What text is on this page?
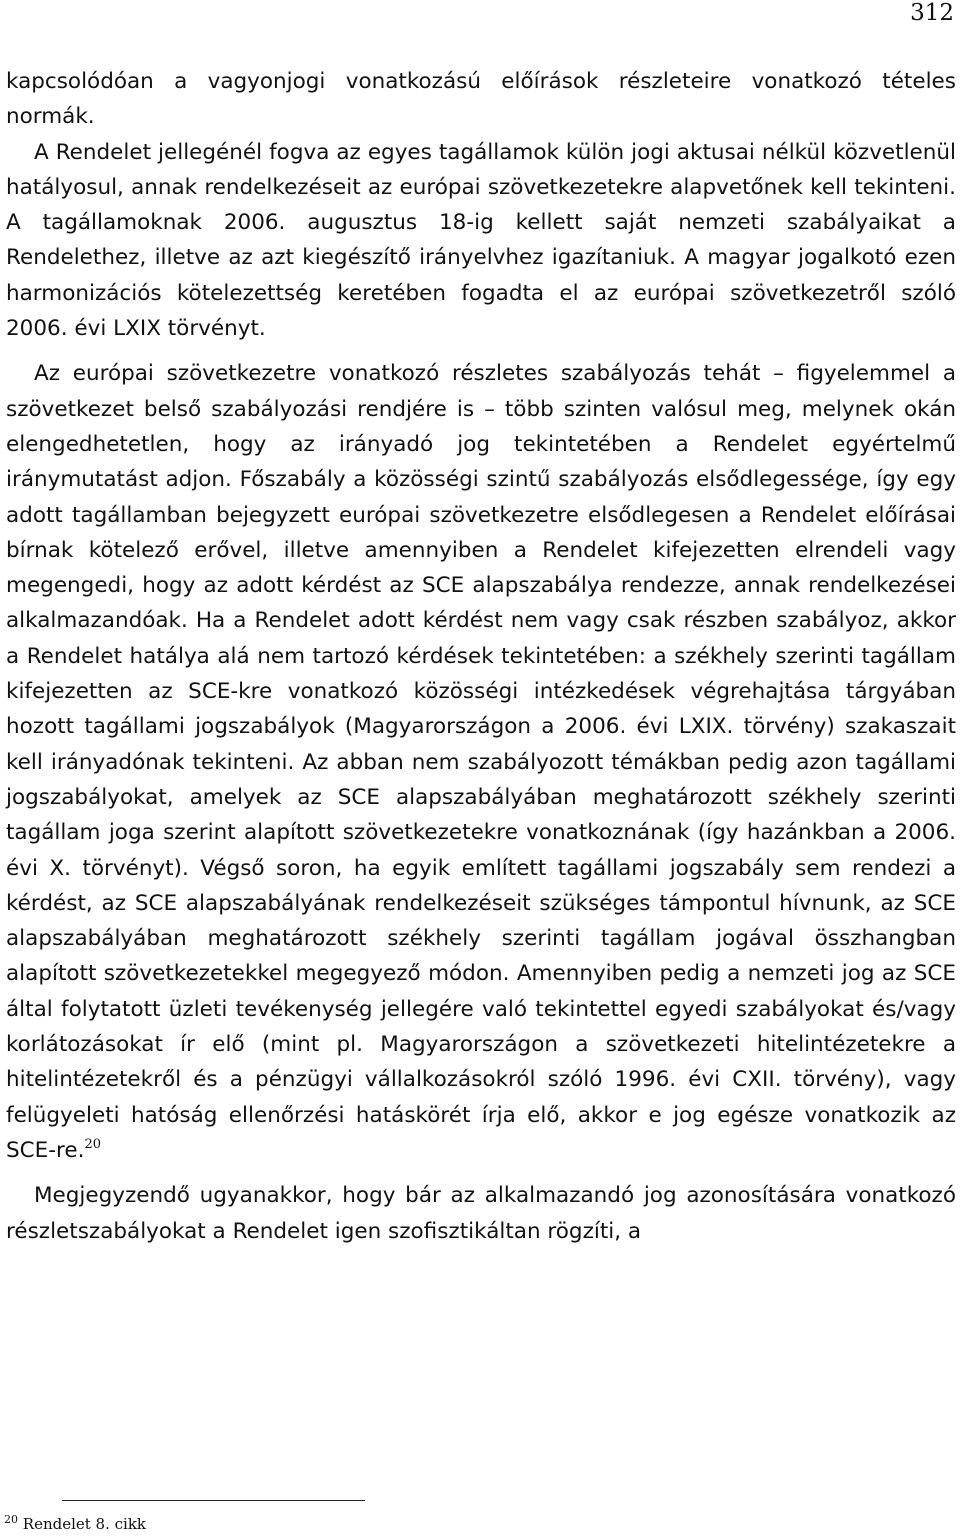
312

kapcsolódóan a vagyonjogi vonatkozású előírások részleteire vonatkozó tételes normák.

A Rendelet jellegénél fogva az egyes tagállamok külön jogi aktusai nélkül közvetlenül hatályosul, annak rendelkezéseit az európai szövetkezetekre alapvetőnek kell tekinteni. A tagállamoknak 2006. augusztus 18-ig kellett saját nemzeti szabályaikat a Rendelethez, illetve az azt kiegészítő irányelvhez igazítaniuk. A magyar jogalkotó ezen harmonizációs kötelezettség keretében fogadta el az európai szövetkezetről szóló 2006. évi LXIX törvényt.

Az európai szövetkezetre vonatkozó részletes szabályozás tehát – figyelemmel a szövetkezet belső szabályozási rendjére is – több szinten valósul meg, melynek okán elengedhetetlen, hogy az irányadó jog tekintetében a Rendelet egyértelmű iránymutatást adjon. Főszabály a közösségi szintű szabályozás elsődlegessége, így egy adott tagállamban bejegyzett európai szövetkezetre elsődlegesen a Rendelet előírásai bírnak kötelező erővel, illetve amennyiben a Rendelet kifejezetten elrendeli vagy megengedi, hogy az adott kérdést az SCE alapszabálya rendezze, annak rendelkezései alkalmazandóak. Ha a Rendelet adott kérdést nem vagy csak részben szabályoz, akkor a Rendelet hatálya alá nem tartozó kérdések tekintetében: a székhely szerinti tagállam kifejezetten az SCE-kre vonatkozó közösségi intézkedések végrehajtása tárgyában hozott tagállami jogszabályok (Magyarországon a 2006. évi LXIX. törvény) szakaszait kell irányadónak tekinteni. Az abban nem szabályozott témákban pedig azon tagállami jogszabályokat, amelyek az SCE alapszabályában meghatározott székhely szerinti tagállam joga szerint alapított szövetkezetekre vonatkoznának (így hazánkban a 2006. évi X. törvényt). Végső soron, ha egyik említett tagállami jogszabály sem rendezi a kérdést, az SCE alapszabályának rendelkezéseit szükséges támpontul hívnunk, az SCE alapszabályában meghatározott székhely szerinti tagállam jogával összhangban alapított szövetkezetekkel megegyező módon. Amennyiben pedig a nemzeti jog az SCE által folytatott üzleti tevékenység jellegére való tekintettel egyedi szabályokat és/vagy korlátozásokat ír elő (mint pl. Magyarországon a szövetkezeti hitelintézetekre a hitelintézetekről és a pénzügyi vállalkozásokról szóló 1996. évi CXII. törvény), vagy felügyeleti hatóság ellenőrzési hatáskörét írja elő, akkor e jog egésze vonatkozik az SCE-re.$^{20}$

Megjegyzendő ugyanakkor, hogy bár az alkalmazandó jog azonosítására vonatkozó részletszabályokat a Rendelet igen szofisztikáltan rögzíti, a

$^{20}$ Rendelet 8. cikk
